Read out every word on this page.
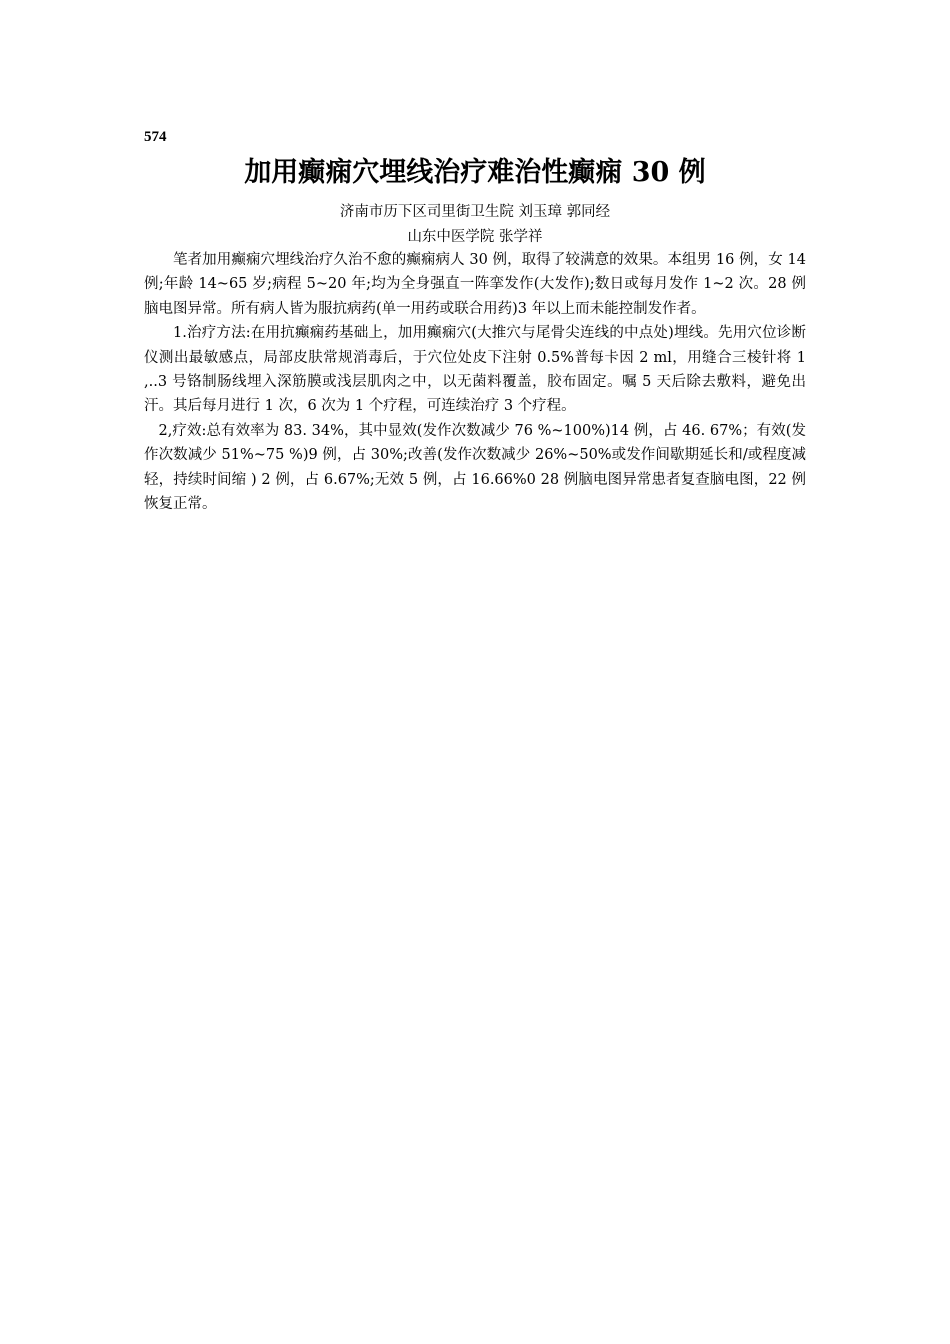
574
加用癫痫穴埋线治疗难治性癫痫 30 例
济南市历下区司里街卫生院 刘玉璋 郭同经
山东中医学院 张学祥

笔者加用癫痫穴埋线治疗久治不愈的癫痫病人 30 例，取得了较满意的效果。本组男 16 例，女 14 例;年龄 14~65 岁;病程 5~20 年;均为全身强直一阵挛发作(大发作);数日或每月发作 1~2 次。28 例脑电图异常。所有病人皆为服抗病药(单一用药或联合用药)3 年以上而未能控制发作者。

1.治疗方法:在用抗癫痫药基础上，加用癫痫穴(大推穴与尾骨尖连线的中点处)埋线。先用穴位诊断仪测出最敏感点，局部皮肤常规消毒后，于穴位处皮下注射 0.5%普每卡因 2 ml，用缝合三棱针将 1 ,..3 号铬制肠线埋入深筋膜或浅层肌肉之中，以无菌料覆盖，胶布固定。嘱 5 天后除去敷料，避免出汗。其后每月进行 1 次，6 次为 1 个疗程，可连续治疗 3 个疗程。

2,疗效:总有效率为 83. 34%，其中显效(发作次数减少 76 %~100%)14 例，占 46. 67%；有效(发作次数减少 51%~75 %)9 例，占 30%;改善(发作次数减少 26%~50%或发作间歇期延长和/或程度减轻，持续时间缩 ) 2 例，占 6.67%;无效 5 例，占 16.66%0 28 例脑电图异常患者复查脑电图，22 例恢复正常。
